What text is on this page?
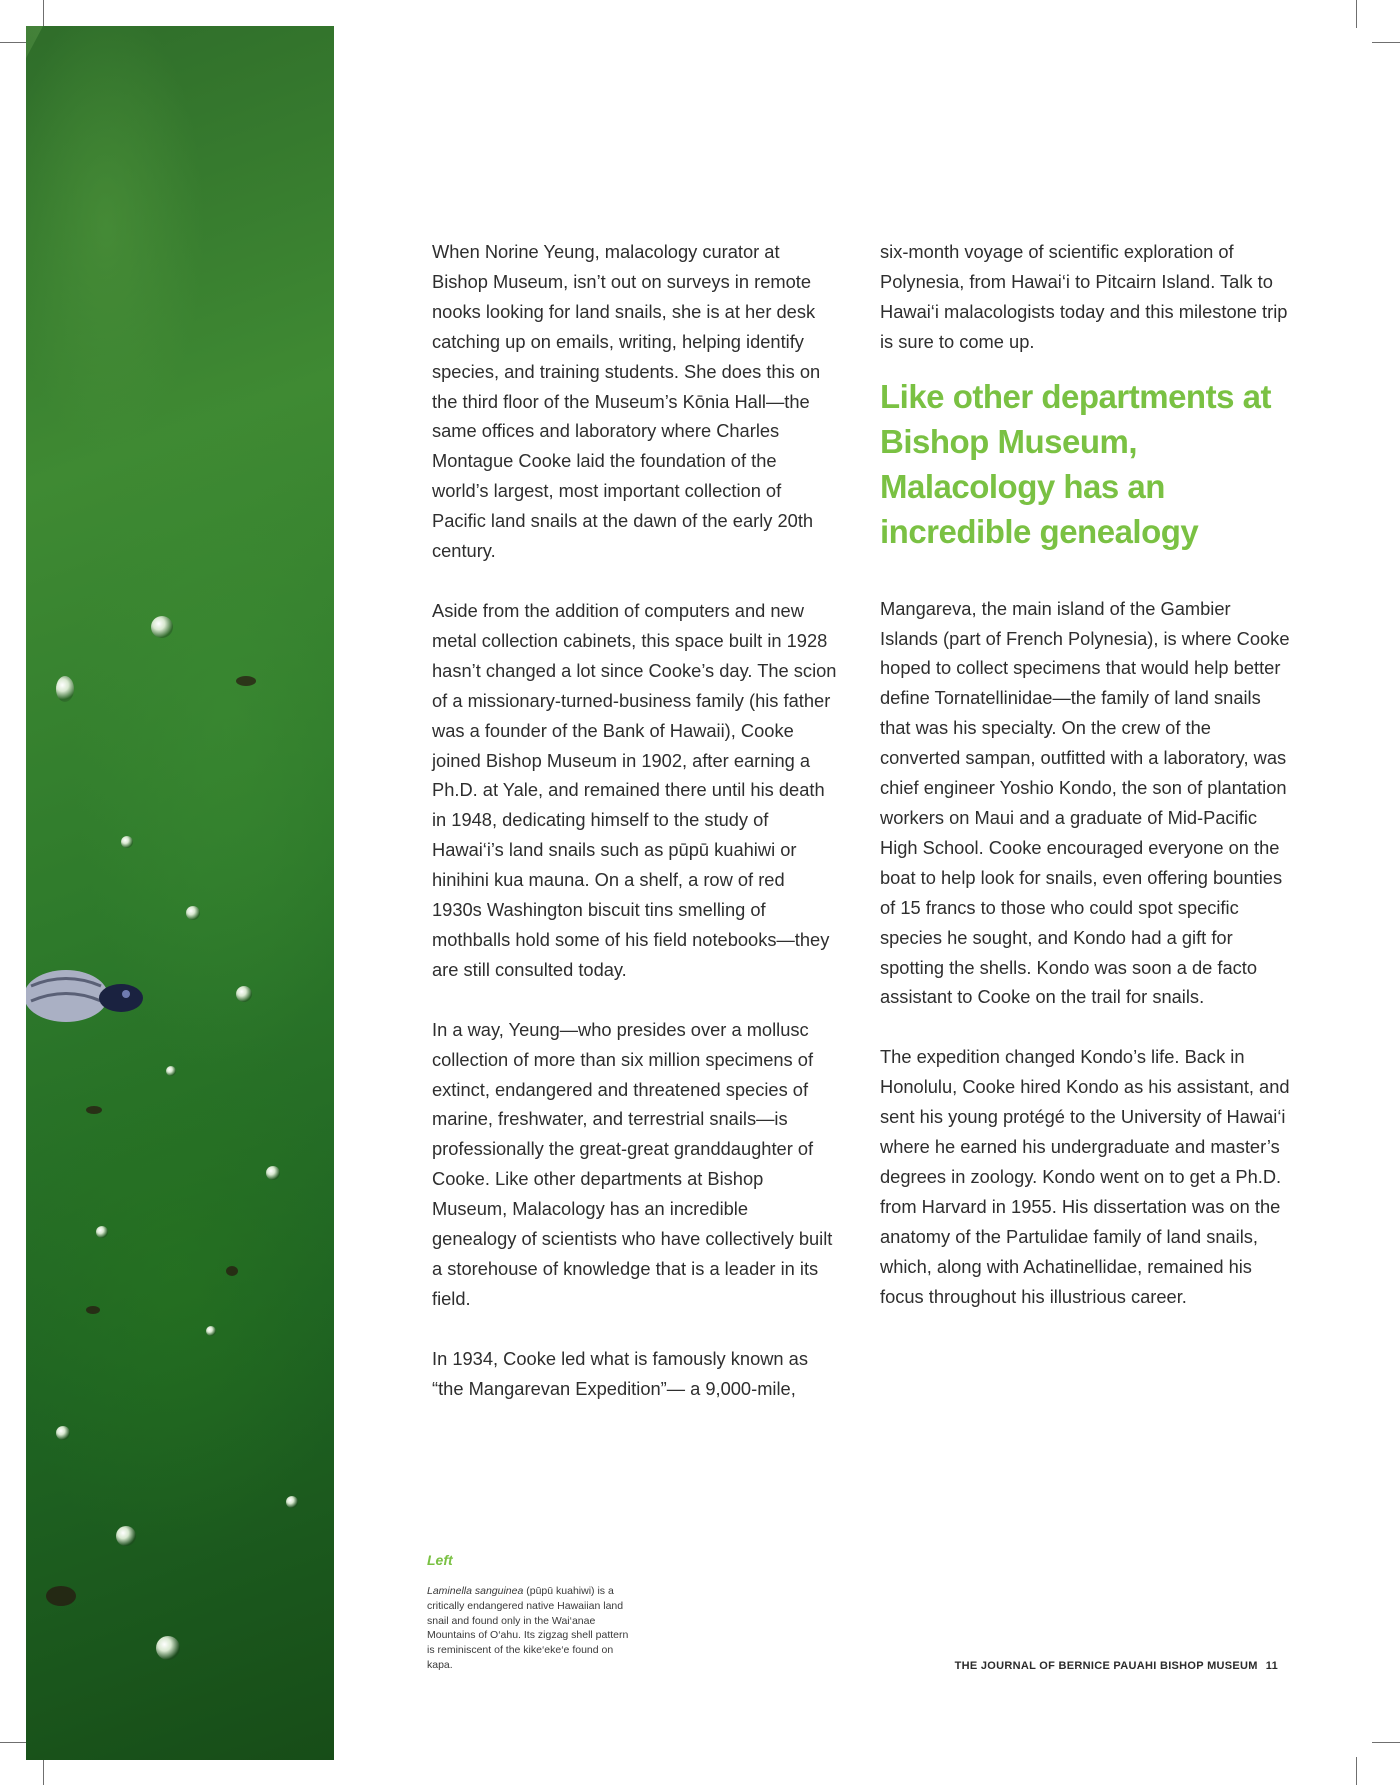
When Norine Yeung, malacology curator at Bishop Museum, isn’t out on surveys in remote nooks looking for land snails, she is at her desk catching up on emails, writing, helping identify species, and training students. She does this on the third floor of the Museum’s Kōnia Hall—the same offices and laboratory where Charles Montague Cooke laid the foundation of the world’s largest, most important collection of Pacific land snails at the dawn of the early 20th century.

Aside from the addition of computers and new metal collection cabinets, this space built in 1928 hasn’t changed a lot since Cooke’s day. The scion of a missionary-turned-business family (his father was a founder of the Bank of Hawaii), Cooke joined Bishop Museum in 1902, after earning a Ph.D. at Yale, and remained there until his death in 1948, dedicating himself to the study of Hawai‘i’s land snails such as pūpū kuahiwi or hinihini kua mauna. On a shelf, a row of red 1930s Washington biscuit tins smelling of mothballs hold some of his field notebooks—they are still consulted today.

In a way, Yeung—who presides over a mollusc collection of more than six million specimens of extinct, endangered and threatened species of marine, freshwater, and terrestrial snails—is professionally the great-great granddaughter of Cooke. Like other departments at Bishop Museum, Malacology has an incredible genealogy of scientists who have collectively built a storehouse of knowledge that is a leader in its field.

In 1934, Cooke led what is famously known as “the Mangarevan Expedition”— a 9,000-mile,

six-month voyage of scientific exploration of Polynesia, from Hawai‘i to Pitcairn Island. Talk to Hawai‘i malacologists today and this milestone trip is sure to come up.

Like other departments at Bishop Museum, Malacology has an incredible genealogy

Mangareva, the main island of the Gambier Islands (part of French Polynesia), is where Cooke hoped to collect specimens that would help better define Tornatellinidae—the family of land snails that was his specialty. On the crew of the converted sampan, outfitted with a laboratory, was chief engineer Yoshio Kondo, the son of plantation workers on Maui and a graduate of Mid-Pacific High School. Cooke encouraged everyone on the boat to help look for snails, even offering bounties of 15 francs to those who could spot specific species he sought, and Kondo had a gift for spotting the shells. Kondo was soon a de facto assistant to Cooke on the trail for snails.

The expedition changed Kondo’s life. Back in Honolulu, Cooke hired Kondo as his assistant, and sent his young protégé to the University of Hawai‘i where he earned his undergraduate and master’s degrees in zoology. Kondo went on to get a Ph.D. from Harvard in 1955. His dissertation was on the anatomy of the Partulidae family of land snails, which, along with Achatinellidae, remained his focus throughout his illustrious career.

Left
Laminella sanguinea (pūpū kuahiwi) is a critically endangered native Hawaiian land snail and found only in the Wai‘anae Mountains of O‘ahu. Its zigzag shell pattern is reminiscent of the kike‘eke‘e found on kapa.	THE JOURNAL OF BERNICE PAUAHI BISHOP MUSEUM 11
